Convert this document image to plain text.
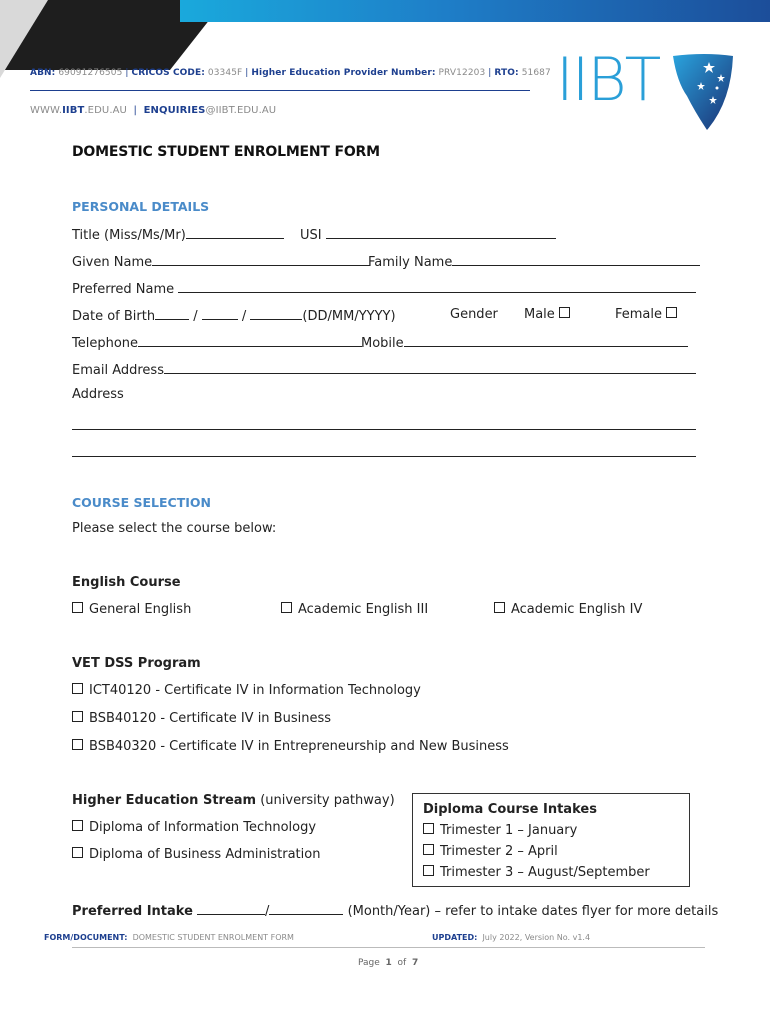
ABN: 69091276505 | CRICOS CODE: 03345F | Higher Education Provider Number: PRV12203 | RTO: 51687
WWW.IIBT.EDU.AU | ENQUIRIES@IIBT.EDU.AU	IIBT
DOMESTIC STUDENT ENROLMENT FORM
PERSONAL DETAILS
Title (Miss/Ms/Mr)	USI
Given Name	Family Name
Preferred Name
Date of Birth	/	/	(DD/MM/YYYY)	Gender Male	Female
Telephone	Mobile
Email Address
Address
COURSE SELECTION
Please select the course below:
English Course
General English	Academic English III	Academic English IV
VET DSS Program
ICT40120 - Certificate IV in Information Technology
BSB40120 - Certificate IV in Business
BSB40320 - Certificate IV in Entrepreneurship and New Business
Higher Education Stream (university pathway)
Diploma of Information Technology
Diploma of Business Administration
Diploma Course Intakes
Trimester 1 – January
Trimester 2 – April
Trimester 3 – August/September
Preferred Intake	/	(Month/Year) – refer to intake dates flyer for more details
FORM/DOCUMENT: DOMESTIC STUDENT ENROLMENT FORM	UPDATED: July 2022, Version No. v1.4
Page 1 of 7
